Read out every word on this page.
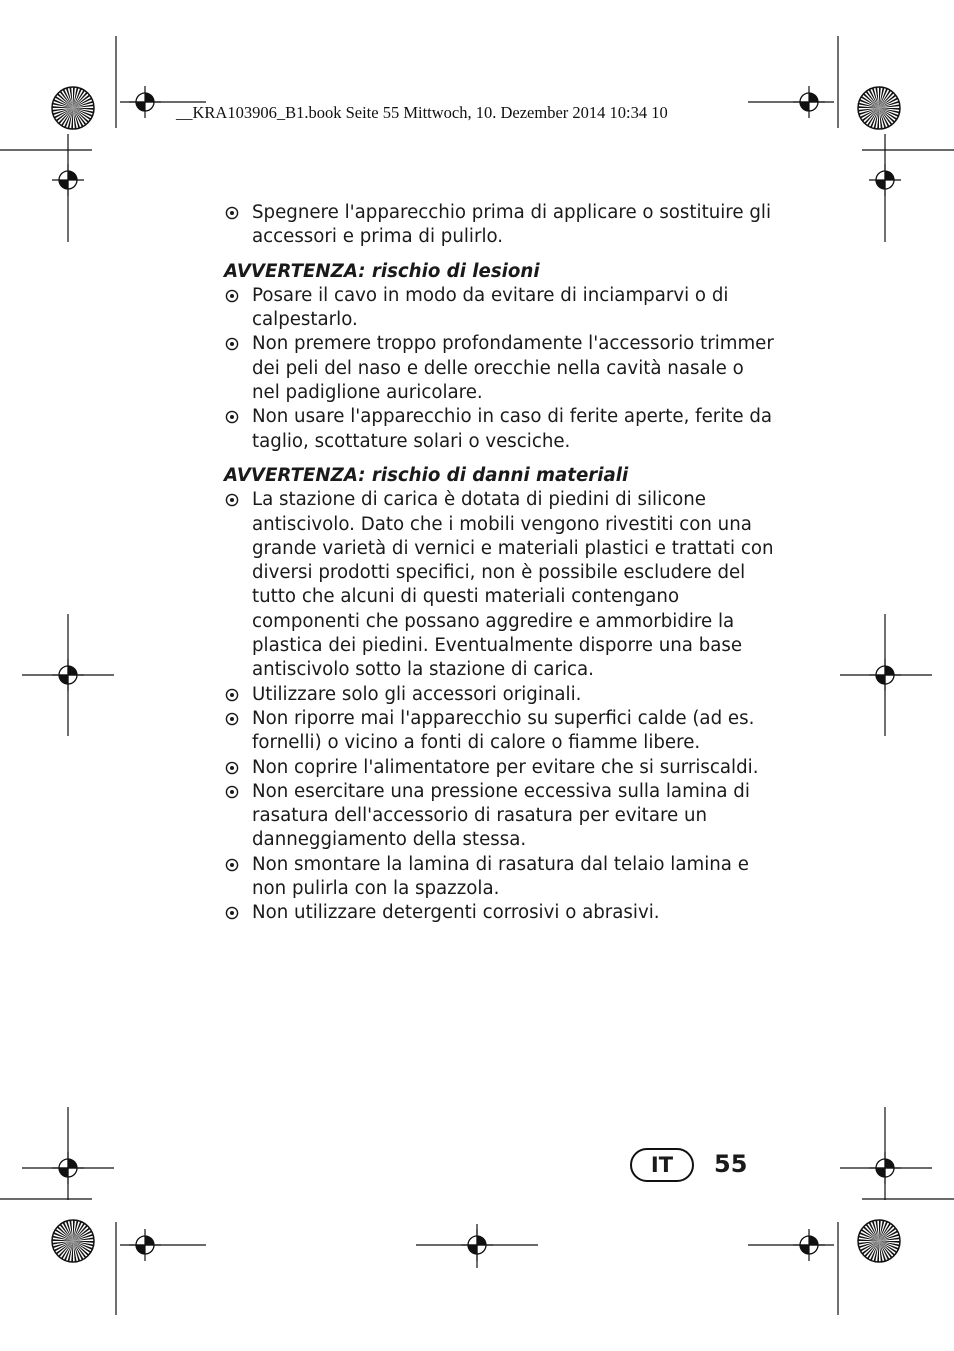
__KRA103906_B1.book Seite 55 Mittwoch, 10. Dezember 2014 10:34 10
Spegnere l'apparecchio prima di applicare o sostituire gli accessori e prima di pulirlo.
AVVERTENZA: rischio di lesioni
Posare il cavo in modo da evitare di inciamparvi o di calpestarlo.
Non premere troppo profondamente l'accessorio trimmer dei peli del naso e delle orecchie nella cavità nasale o nel padiglione auricolare.
Non usare l'apparecchio in caso di ferite aperte, ferite da taglio, scottature solari o vesciche.
AVVERTENZA: rischio di danni materiali
La stazione di carica è dotata di piedini di silicone antiscivolo. Dato che i mobili vengono rivestiti con una grande varietà di vernici e materiali plastici e trattati con diversi prodotti specifici, non è possibile escludere del tutto che alcuni di questi materiali contengano componenti che possano aggredire e ammorbidire la plastica dei piedini. Eventualmente disporre una base antiscivolo sotto la stazione di carica.
Utilizzare solo gli accessori originali.
Non riporre mai l'apparecchio su superfici calde (ad es. fornelli) o vicino a fonti di calore o fiamme libere.
Non coprire l'alimentatore per evitare che si surriscaldi.
Non esercitare una pressione eccessiva sulla lamina di rasatura dell'accessorio di rasatura per evitare un danneggiamento della stessa.
Non smontare la lamina di rasatura dal telaio lamina e non pulirla con la spazzola.
Non utilizzare detergenti corrosivi o abrasivi.
IT	55
